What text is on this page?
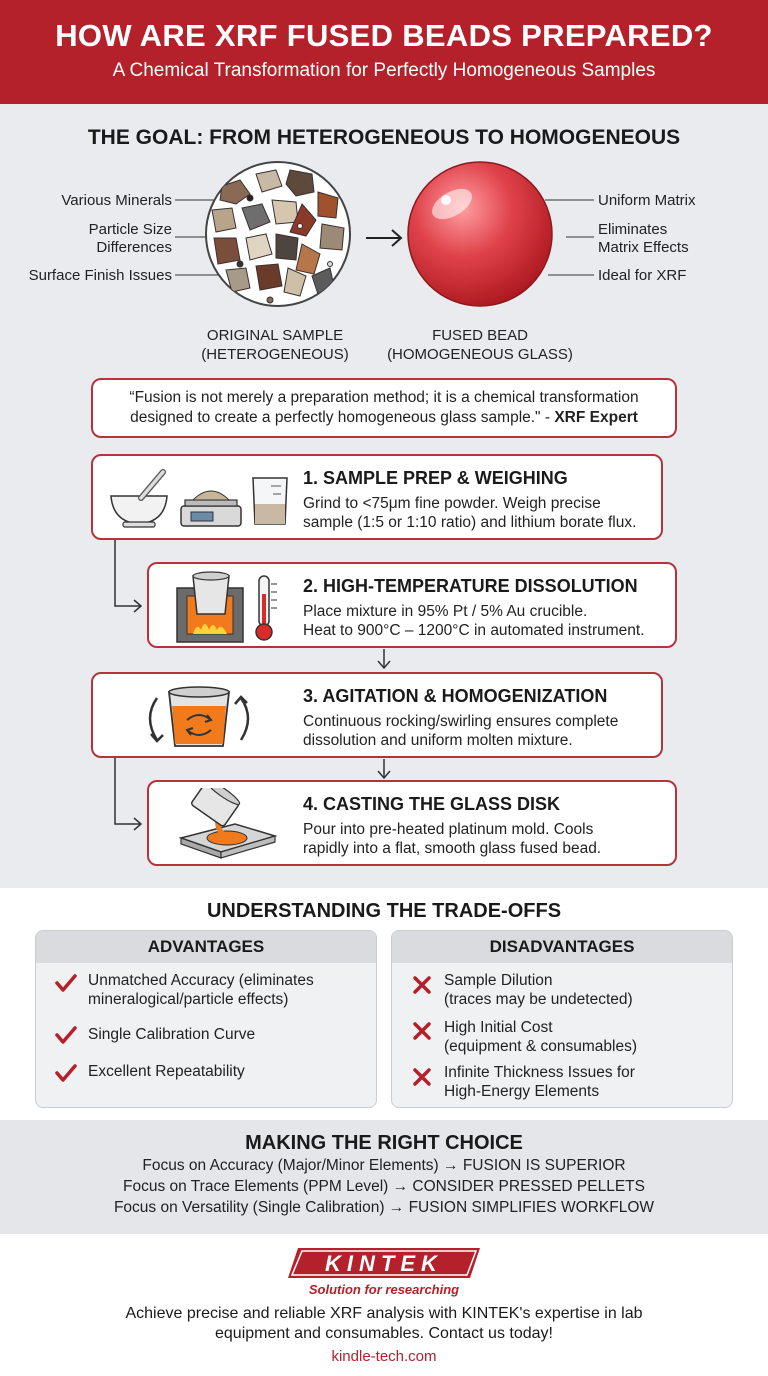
HOW ARE XRF FUSED BEADS PREPARED?
A Chemical Transformation for Perfectly Homogeneous Samples
THE GOAL: FROM HETEROGENEOUS TO HOMOGENEOUS
Various Minerals
Particle Size
Differences
Surface Finish Issues
Uniform Matrix
Eliminates
Matrix Effects
Ideal for XRF
ORIGINAL SAMPLE
(HETEROGENEOUS)
FUSED BEAD
(HOMOGENEOUS GLASS)
“Fusion is not merely a preparation method; it is a chemical transformation
designed to create a perfectly homogeneous glass sample." - XRF Expert
1. SAMPLE PREP & WEIGHING
Grind to <75μm fine powder. Weigh precise
sample (1:5 or 1:10 ratio) and lithium borate flux.
2. HIGH-TEMPERATURE DISSOLUTION
Place mixture in 95% Pt / 5% Au crucible.
Heat to 900°C – 1200°C in automated instrument.
3. AGITATION & HOMOGENIZATION
Continuous rocking/swirling ensures complete
dissolution and uniform molten mixture.
4. CASTING THE GLASS DISK
Pour into pre-heated platinum mold. Cools
rapidly into a flat, smooth glass fused bead.
UNDERSTANDING THE TRADE-OFFS
ADVANTAGES
Unmatched Accuracy (eliminates
mineralogical/particle effects)
Single Calibration Curve
Excellent Repeatability
DISADVANTAGES
Sample Dilution
(traces may be undetected)
High Initial Cost
(equipment & consumables)
Infinite Thickness Issues for
High-Energy Elements
MAKING THE RIGHT CHOICE
Focus on Accuracy (Major/Minor Elements) → FUSION IS SUPERIOR
Focus on Trace Elements (PPM Level) → CONSIDER PRESSED PELLETS
Focus on Versatility (Single Calibration) → FUSION SIMPLIFIES WORKFLOW
KINTEK
Solution for researching
Achieve precise and reliable XRF analysis with KINTEK's expertise in lab
equipment and consumables. Contact us today!
kindle-tech.com
